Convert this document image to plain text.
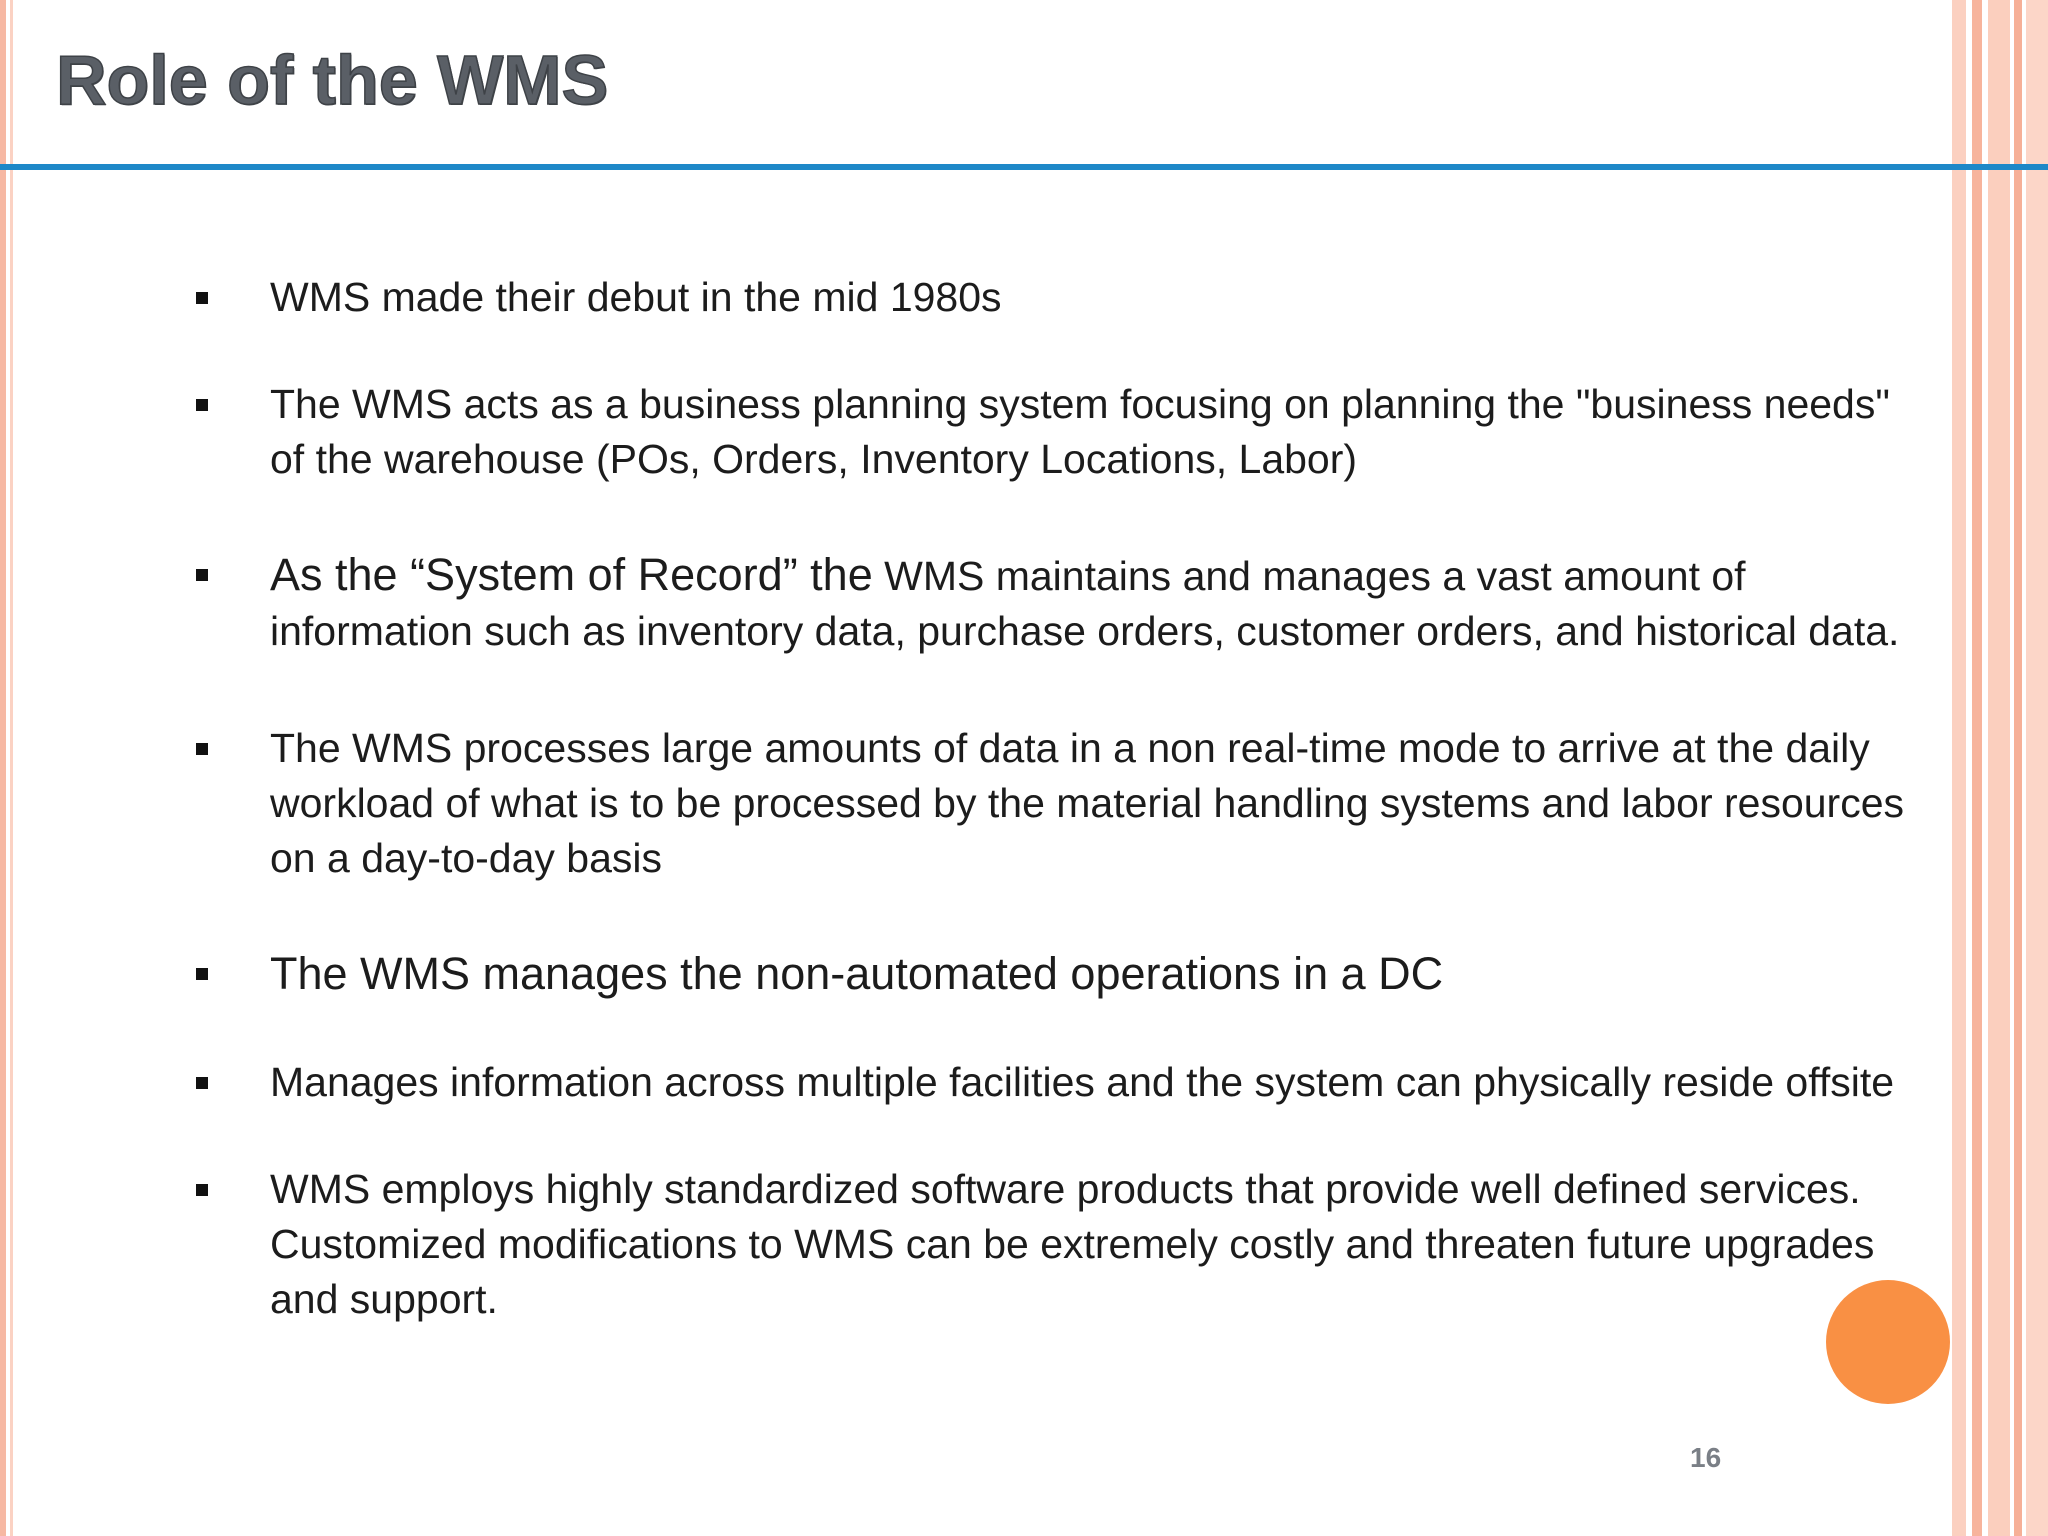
Role of the WMS
WMS made their debut in the mid 1980s
The WMS acts as a business planning system focusing on planning the "business needs" of the warehouse (POs, Orders, Inventory Locations, Labor)
As the “System of Record” the WMS maintains and manages a vast amount of information such as inventory data, purchase orders, customer orders, and historical data.
The WMS processes large amounts of data in a non real-time mode to arrive at the daily workload of what is to be processed by the material handling systems and labor resources on a day-to-day basis
The WMS manages the non-automated operations in a DC
Manages information across multiple facilities and the system can physically reside offsite
WMS employs highly standardized software products that provide well defined services. Customized modifications to WMS can be extremely costly and threaten future upgrades and support.
16
